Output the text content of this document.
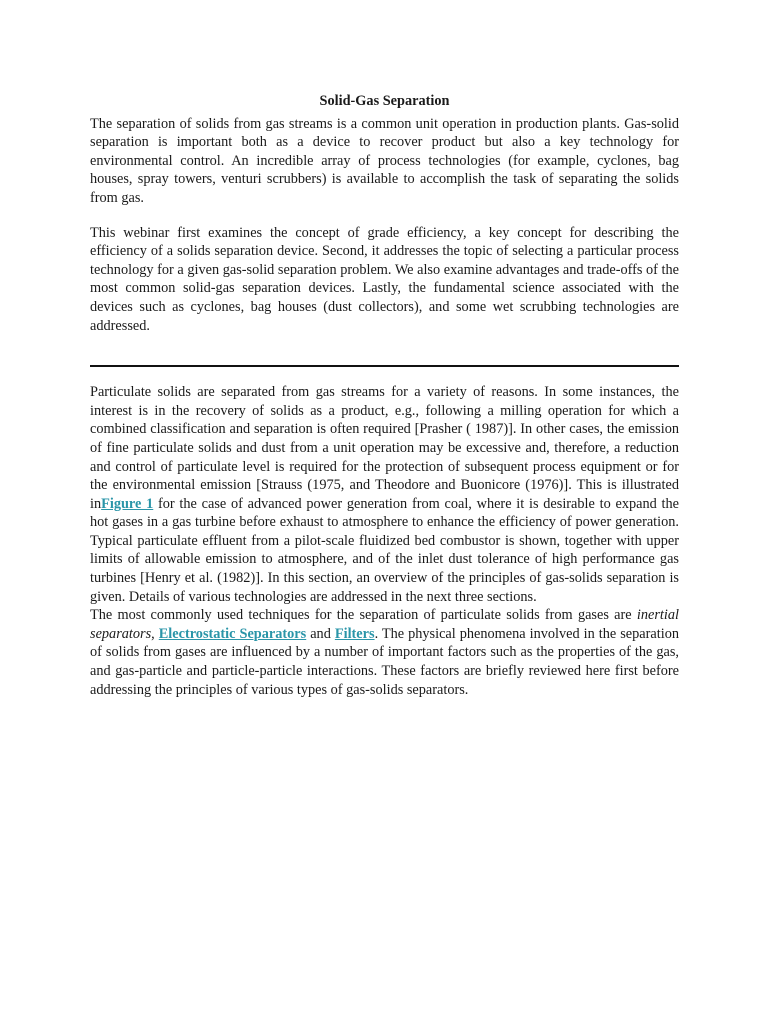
Solid-Gas Separation

The separation of solids from gas streams is a common unit operation in production plants. Gas-solid separation is important both as a device to recover product but also a key technology for environmental control. An incredible array of process technologies (for example, cyclones, bag houses, spray towers, venturi scrubbers) is available to accomplish the task of separating the solids from gas.

This webinar first examines the concept of grade efficiency, a key concept for describing the efficiency of a solids separation device. Second, it addresses the topic of selecting a particular process technology for a given gas-solid separation problem. We also examine advantages and trade-offs of the most common solid-gas separation devices. Lastly, the fundamental science associated with the devices such as cyclones, bag houses (dust collectors), and some wet scrubbing technologies are addressed.

Particulate solids are separated from gas streams for a variety of reasons. In some instances, the interest is in the recovery of solids as a product, e.g., following a milling operation for which a combined classification and separation is often required [Prasher ( 1987)]. In other cases, the emission of fine particulate solids and dust from a unit operation may be excessive and, therefore, a reduction and control of particulate level is required for the protection of subsequent process equipment or for the environmental emission [Strauss (1975, and Theodore and Buonicore (1976)]. This is illustrated inFigure 1 for the case of advanced power generation from coal, where it is desirable to expand the hot gases in a gas turbine before exhaust to atmosphere to enhance the efficiency of power generation. Typical particulate effluent from a pilot-scale fluidized bed combustor is shown, together with upper limits of allowable emission to atmosphere, and of the inlet dust tolerance of high performance gas turbines [Henry et al. (1982)]. In this section, an overview of the principles of gas-solids separation is given. Details of various technologies are addressed in the next three sections.

The most commonly used techniques for the separation of particulate solids from gases are inertial separators, Electrostatic Separators and Filters. The physical phenomena involved in the separation of solids from gases are influenced by a number of important factors such as the properties of the gas, and gas-particle and particle-particle interactions. These factors are briefly reviewed here first before addressing the principles of various types of gas-solids separators.
